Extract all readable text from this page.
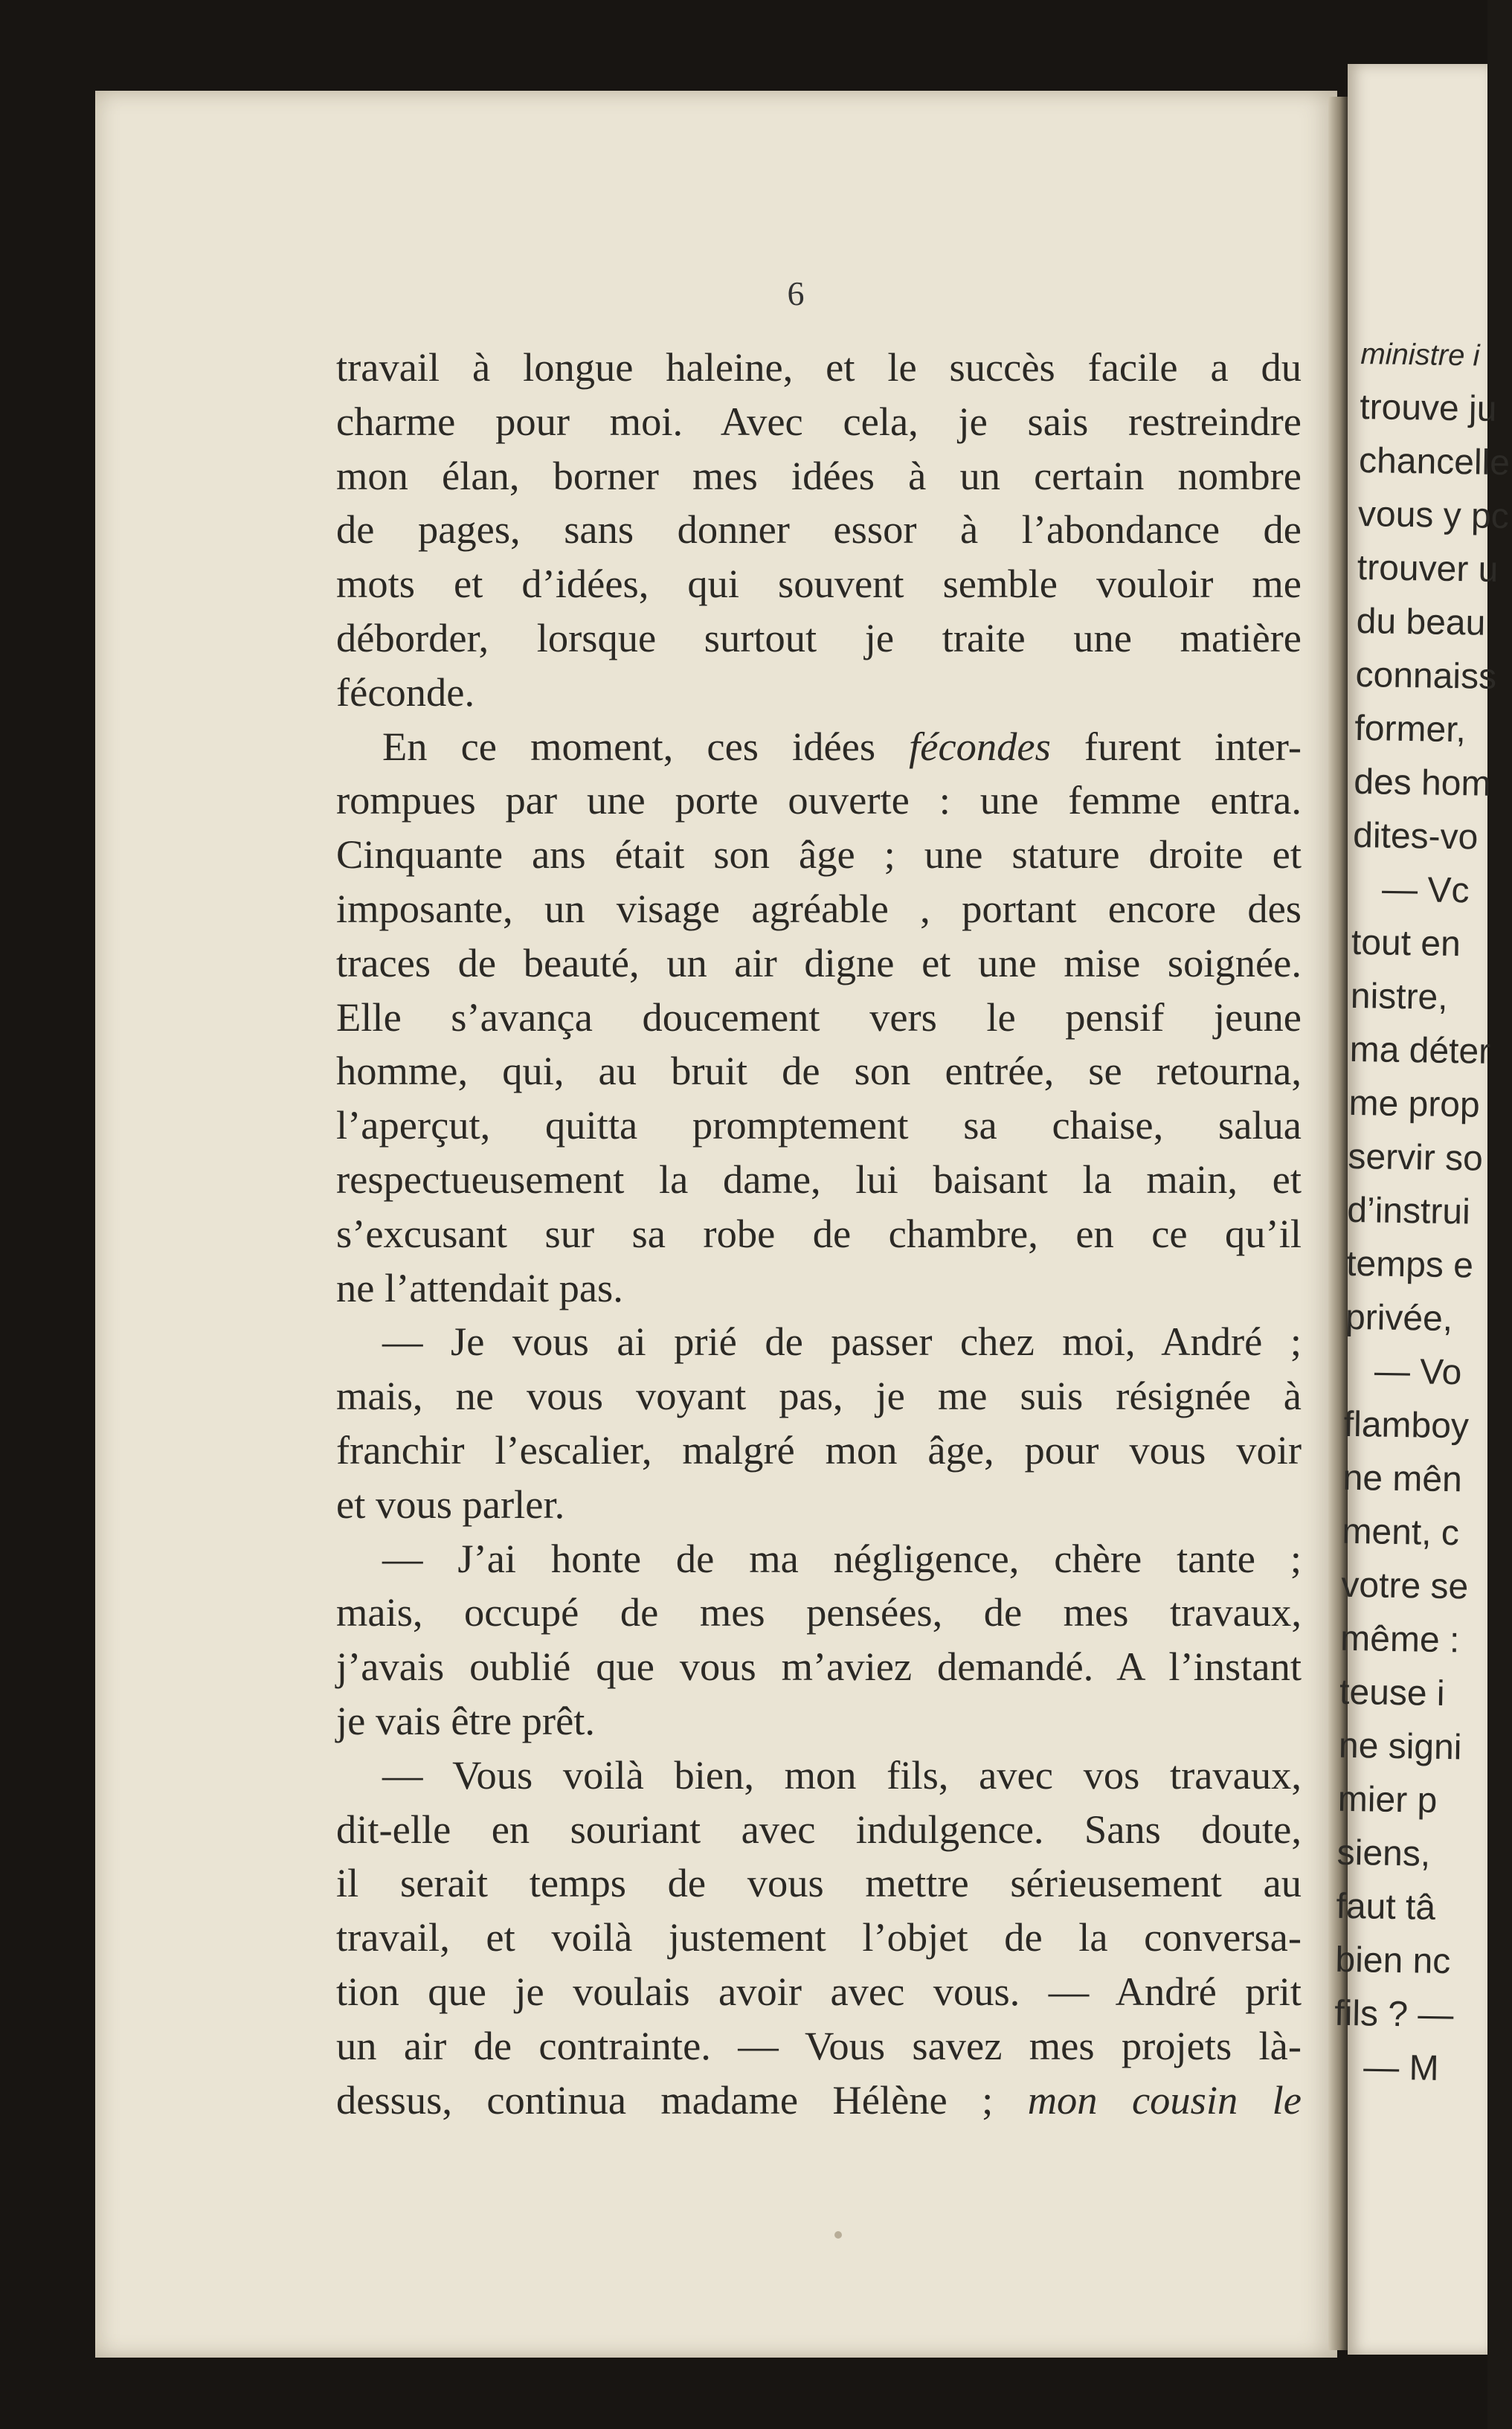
6
travail à longue haleine, et le succès facile a du
charme pour moi. Avec cela, je sais restreindre
mon élan, borner mes idées à un certain nombre
de pages, sans donner essor à l’abondance de
mots et d’idées, qui souvent semble vouloir me
déborder, lorsque surtout je traite une matière
féconde.
En ce moment, ces idées fécondes furent inter-
rompues par une porte ouverte : une femme entra.
Cinquante ans était son âge ; une stature droite et
imposante, un visage agréable , portant encore des
traces de beauté, un air digne et une mise soignée.
Elle s’avança doucement vers le pensif jeune
homme, qui, au bruit de son entrée, se retourna,
l’aperçut, quitta promptement sa chaise, salua
respectueusement la dame, lui baisant la main, et
s’excusant sur sa robe de chambre, en ce qu’il
ne l’attendait pas.
— Je vous ai prié de passer chez moi, André ;
mais, ne vous voyant pas, je me suis résignée à
franchir l’escalier, malgré mon âge, pour vous voir
et vous parler.
— J’ai honte de ma négligence, chère tante ;
mais, occupé de mes pensées, de mes travaux,
j’avais oublié que vous m’aviez demandé. A l’instant
je vais être prêt.
— Vous voilà bien, mon fils, avec vos travaux,
dit-elle en souriant avec indulgence. Sans doute,
il serait temps de vous mettre sérieusement au
travail, et voilà justement l’objet de la conversa-
tion que je voulais avoir avec vous. — André prit
un air de contrainte. — Vous savez mes projets là-
dessus, continua madame Hélène ; mon cousin le
ministre i
trouve ju
chancelle
vous y pc
trouver u
du beau
connaiss
former,
des hom
dites-vo
— Vc
tout en
nistre,
ma déter
me prop
servir so
d’instrui
temps e
privée,
— Vo
flamboy
ne mên
ment, c
votre se
même :
teuse i
ne signi
mier p
siens,
faut tâ
bien nc
fils ? —
— M
